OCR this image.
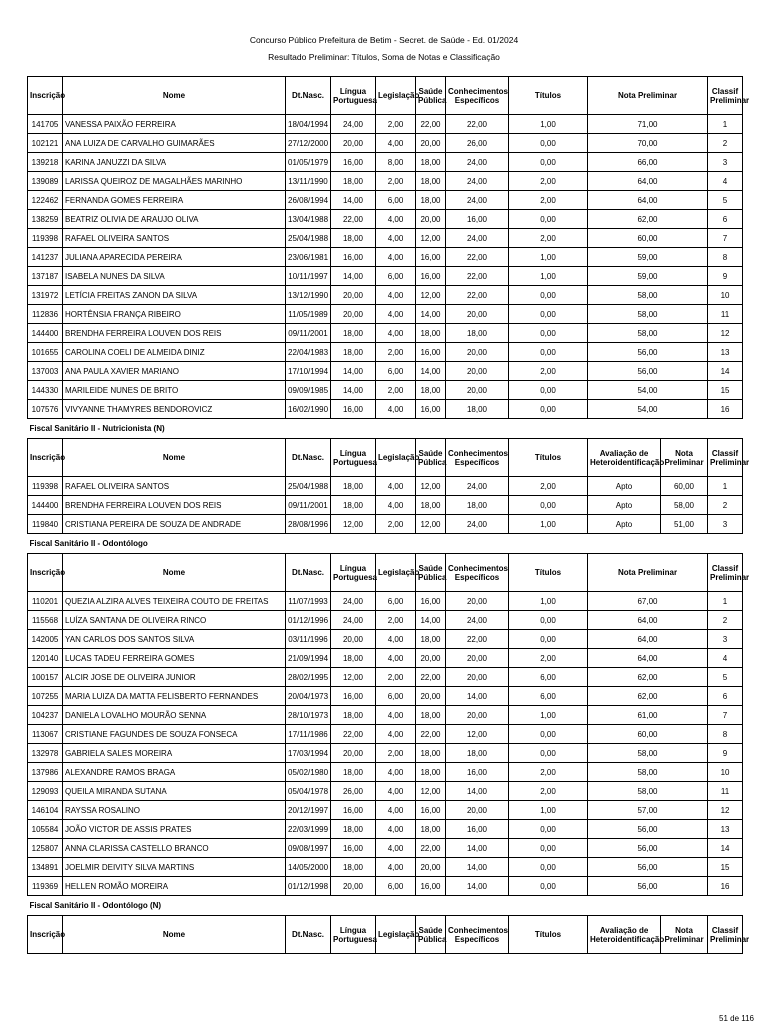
Concurso Público Prefeitura de Betim - Secret. de Saúde - Ed. 01/2024
Resultado Preliminar: Títulos, Soma de Notas e Classificação
Inscrição	Nome	Dt.Nasc.	Língua Portuguesa	Legislação	Saúde Pública	Conhecimentos Específicos	Títulos	Nota Preliminar		Classif Preliminar
141705	VANESSA PAIXÃO FERREIRA	18/04/1994	24,00	2,00	22,00	22,00	1,00	71,00		1
102121	ANA LUIZA DE CARVALHO GUIMARÃES	27/12/2000	20,00	4,00	20,00	26,00	0,00	70,00		2
139218	KARINA JANUZZI DA SILVA	01/05/1979	16,00	8,00	18,00	24,00	0,00	66,00		3
139089	LARISSA QUEIROZ DE MAGALHÃES MARINHO	13/11/1990	18,00	2,00	18,00	24,00	2,00	64,00		4
122462	FERNANDA GOMES FERREIRA	26/08/1994	14,00	6,00	18,00	24,00	2,00	64,00		5
138259	BEATRIZ OLIVIA DE ARAUJO OLIVA	13/04/1988	22,00	4,00	20,00	16,00	0,00	62,00		6
119398	RAFAEL OLIVEIRA SANTOS	25/04/1988	18,00	4,00	12,00	24,00	2,00	60,00		7
141237	JULIANA APARECIDA PEREIRA	23/06/1981	16,00	4,00	16,00	22,00	1,00	59,00		8
137187	ISABELA NUNES DA SILVA	10/11/1997	14,00	6,00	16,00	22,00	1,00	59,00		9
131972	LETÍCIA FREITAS ZANON DA SILVA	13/12/1990	20,00	4,00	12,00	22,00	0,00	58,00		10
112836	HORTÊNSIA FRANÇA RIBEIRO	11/05/1989	20,00	4,00	14,00	20,00	0,00	58,00		11
144400	BRENDHA FERREIRA LOUVEN DOS REIS	09/11/2001	18,00	4,00	18,00	18,00	0,00	58,00		12
101655	CAROLINA COELI DE ALMEIDA DINIZ	22/04/1983	18,00	2,00	16,00	20,00	0,00	56,00		13
137003	ANA PAULA XAVIER MARIANO	17/10/1994	14,00	6,00	14,00	20,00	2,00	56,00		14
144330	MARILEIDE NUNES DE BRITO	09/09/1985	14,00	2,00	18,00	20,00	0,00	54,00		15
107576	VIVYANNE THAMYRES BENDOROVICZ	16/02/1990	16,00	4,00	16,00	18,00	0,00	54,00		16
Fiscal Sanitário II - Nutricionista (N)										
Inscrição	Nome	Dt.Nasc.	Língua Portuguesa	Legislação	Saúde Pública	Conhecimentos Específicos	Títulos	Avaliação de Heteroidentificação	Nota Preliminar	Classif Preliminar
119398	RAFAEL OLIVEIRA SANTOS	25/04/1988	18,00	4,00	12,00	24,00	2,00	Apto	60,00	1
144400	BRENDHA FERREIRA LOUVEN DOS REIS	09/11/2001	18,00	4,00	18,00	18,00	0,00	Apto	58,00	2
119840	CRISTIANA PEREIRA DE SOUZA DE ANDRADE	28/08/1996	12,00	2,00	12,00	24,00	1,00	Apto	51,00	3
Fiscal Sanitário II - Odontólogo										
Inscrição	Nome	Dt.Nasc.	Língua Portuguesa	Legislação	Saúde Pública	Conhecimentos Específicos	Títulos	Nota Preliminar		Classif Preliminar
110201	QUEZIA ALZIRA ALVES TEIXEIRA COUTO DE FREITAS	11/07/1993	24,00	6,00	16,00	20,00	1,00	67,00		1
115568	LUÍZA SANTANA DE OLIVEIRA RINCO	01/12/1996	24,00	2,00	14,00	24,00	0,00	64,00		2
142005	YAN CARLOS DOS SANTOS SILVA	03/11/1996	20,00	4,00	18,00	22,00	0,00	64,00		3
120140	LUCAS TADEU FERREIRA GOMES	21/09/1994	18,00	4,00	20,00	20,00	2,00	64,00		4
100157	ALCIR JOSE DE OLIVEIRA JUNIOR	28/02/1995	12,00	2,00	22,00	20,00	6,00	62,00		5
107255	MARIA LUIZA DA MATTA FELISBERTO FERNANDES	20/04/1973	16,00	6,00	20,00	14,00	6,00	62,00		6
104237	DANIELA LOVALHO MOURÃO SENNA	28/10/1973	18,00	4,00	18,00	20,00	1,00	61,00		7
113067	CRISTIANE FAGUNDES DE SOUZA FONSECA	17/11/1986	22,00	4,00	22,00	12,00	0,00	60,00		8
132978	GABRIELA SALES MOREIRA	17/03/1994	20,00	2,00	18,00	18,00	0,00	58,00		9
137986	ALEXANDRE RAMOS BRAGA	05/02/1980	18,00	4,00	18,00	16,00	2,00	58,00		10
129093	QUEILA MIRANDA SUTANA	05/04/1978	26,00	4,00	12,00	14,00	2,00	58,00		11
146104	RAYSSA ROSALINO	20/12/1997	16,00	4,00	16,00	20,00	1,00	57,00		12
105584	JOÃO VICTOR DE ASSIS PRATES	22/03/1999	18,00	4,00	18,00	16,00	0,00	56,00		13
125807	ANNA CLARISSA CASTELLO BRANCO	09/08/1997	16,00	4,00	22,00	14,00	0,00	56,00		14
134891	JOELMIR DEIVITY SILVA MARTINS	14/05/2000	18,00	4,00	20,00	14,00	0,00	56,00		15
119369	HELLEN ROMÃO MOREIRA	01/12/1998	20,00	6,00	16,00	14,00	0,00	56,00		16
Fiscal Sanitário II - Odontólogo (N)										
Inscrição	Nome	Dt.Nasc.	Língua Portuguesa	Legislação	Saúde Pública	Conhecimentos Específicos	Títulos	Avaliação de Heteroidentificação	Nota Preliminar	Classif Preliminar
51 de 116
